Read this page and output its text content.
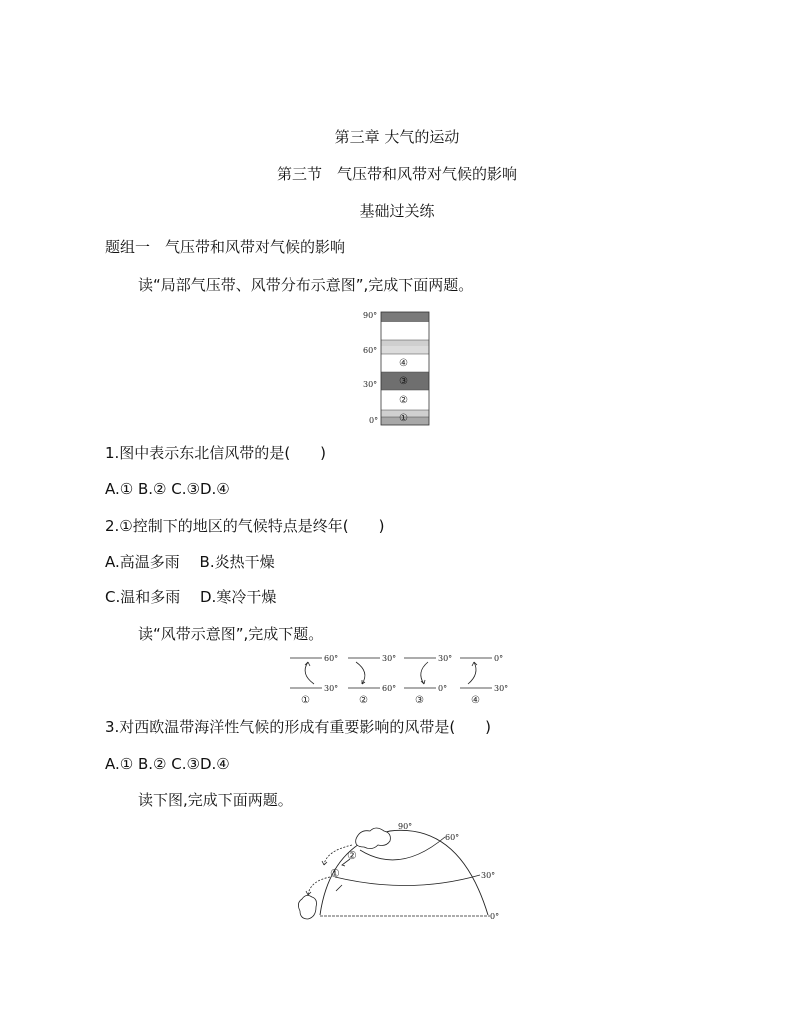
第三章 大气的运动
第三节　气压带和风带对气候的影响
基础过关练
题组一　气压带和风带对气候的影响
读“局部气压带、风带分布示意图”,完成下面两题。
90°
60°
30°
0°
④
③
②
①
1.图中表示东北信风带的是(　　)
A.① B.② C.③D.④
2.①控制下的地区的气候特点是终年(　　)
A.高温多雨　 B.炎热干燥
C.温和多雨　 D.寒冷干燥
读“风带示意图”,完成下题。
60°
30°
①
30°
60°
②
30°
0°
③
0°
30°
④
3.对西欧温带海洋性气候的形成有重要影响的风带是(　　)
A.① B.② C.③D.④
读下图,完成下面两题。
90°
60°
30°
0°
②
①
